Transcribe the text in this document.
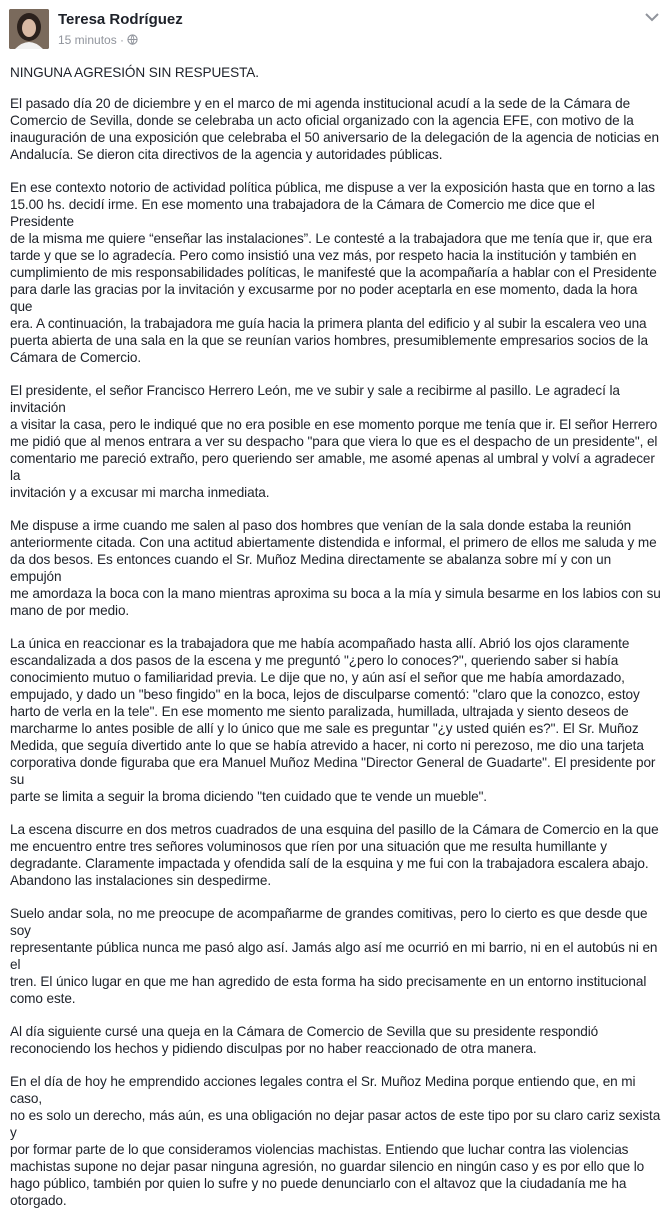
Teresa Rodríguez
15 minutos ·

NINGUNA AGRESIÓN SIN RESPUESTA.

El pasado día 20 de diciembre y en el marco de mi agenda institucional acudí a la sede de la Cámara de
Comercio de Sevilla, donde se celebraba un acto oficial organizado con la agencia EFE, con motivo de la
inauguración de una exposición que celebraba el 50 aniversario de la delegación de la agencia de noticias en
Andalucía. Se dieron cita directivos de la agencia y autoridades públicas.

En ese contexto notorio de actividad política pública, me dispuse a ver la exposición hasta que en torno a las
15.00 hs. decidí irme. En ese momento una trabajadora de la Cámara de Comercio me dice que el Presidente
de la misma me quiere “enseñar las instalaciones”. Le contesté a la trabajadora que me tenía que ir, que era
tarde y que se lo agradecía. Pero como insistió una vez más, por respeto hacia la institución y también en
cumplimiento de mis responsabilidades políticas, le manifesté que la acompañaría a hablar con el Presidente
para darle las gracias por la invitación y excusarme por no poder aceptarla en ese momento, dada la hora que
era. A continuación, la trabajadora me guía hacia la primera planta del edificio y al subir la escalera veo una
puerta abierta de una sala en la que se reunían varios hombres, presumiblemente empresarios socios de la
Cámara de Comercio.

El presidente, el señor Francisco Herrero León, me ve subir y sale a recibirme al pasillo. Le agradecí la invitación
a visitar la casa, pero le indiqué que no era posible en ese momento porque me tenía que ir. El señor Herrero
me pidió que al menos entrara a ver su despacho "para que viera lo que es el despacho de un presidente", el
comentario me pareció extraño, pero queriendo ser amable, me asomé apenas al umbral y volví a agradecer la
invitación y a excusar mi marcha inmediata.

Me dispuse a irme cuando me salen al paso dos hombres que venían de la sala donde estaba la reunión
anteriormente citada. Con una actitud abiertamente distendida e informal, el primero de ellos me saluda y me
da dos besos. Es entonces cuando el Sr. Muñoz Medina directamente se abalanza sobre mí y con un empujón
me amordaza la boca con la mano mientras aproxima su boca a la mía y simula besarme en los labios con su
mano de por medio.

La única en reaccionar es la trabajadora que me había acompañado hasta allí. Abrió los ojos claramente
escandalizada a dos pasos de la escena y me preguntó "¿pero lo conoces?", queriendo saber si había
conocimiento mutuo o familiaridad previa. Le dije que no, y aún así el señor que me había amordazado,
empujado, y dado un "beso fingido" en la boca, lejos de disculparse comentó: "claro que la conozco, estoy
harto de verla en la tele". En ese momento me siento paralizada, humillada, ultrajada y siento deseos de
marcharme lo antes posible de allí y lo único que me sale es preguntar "¿y usted quién es?". El Sr. Muñoz
Medida, que seguía divertido ante lo que se había atrevido a hacer, ni corto ni perezoso, me dio una tarjeta
corporativa donde figuraba que era Manuel Muñoz Medina "Director General de Guadarte". El presidente por su
parte se limita a seguir la broma diciendo "ten cuidado que te vende un mueble".

La escena discurre en dos metros cuadrados de una esquina del pasillo de la Cámara de Comercio en la que
me encuentro entre tres señores voluminosos que ríen por una situación que me resulta humillante y
degradante. Claramente impactada y ofendida salí de la esquina y me fui con la trabajadora escalera abajo.
Abandono las instalaciones sin despedirme.

Suelo andar sola, no me preocupe de acompañarme de grandes comitivas, pero lo cierto es que desde que soy
representante pública nunca me pasó algo así. Jamás algo así me ocurrió en mi barrio, ni en el autobús ni en el
tren. El único lugar en que me han agredido de esta forma ha sido precisamente en un entorno institucional
como este.

Al día siguiente cursé una queja en la Cámara de Comercio de Sevilla que su presidente respondió
reconociendo los hechos y pidiendo disculpas por no haber reaccionado de otra manera.

En el día de hoy he emprendido acciones legales contra el Sr. Muñoz Medina porque entiendo que, en mi caso,
no es solo un derecho, más aún, es una obligación no dejar pasar actos de este tipo por su claro cariz sexista y
por formar parte de lo que consideramos violencias machistas. Entiendo que luchar contra las violencias
machistas supone no dejar pasar ninguna agresión, no guardar silencio en ningún caso y es por ello que lo
hago público, también por quien lo sufre y no puede denunciarlo con el altavoz que la ciudadanía me ha
otorgado.
